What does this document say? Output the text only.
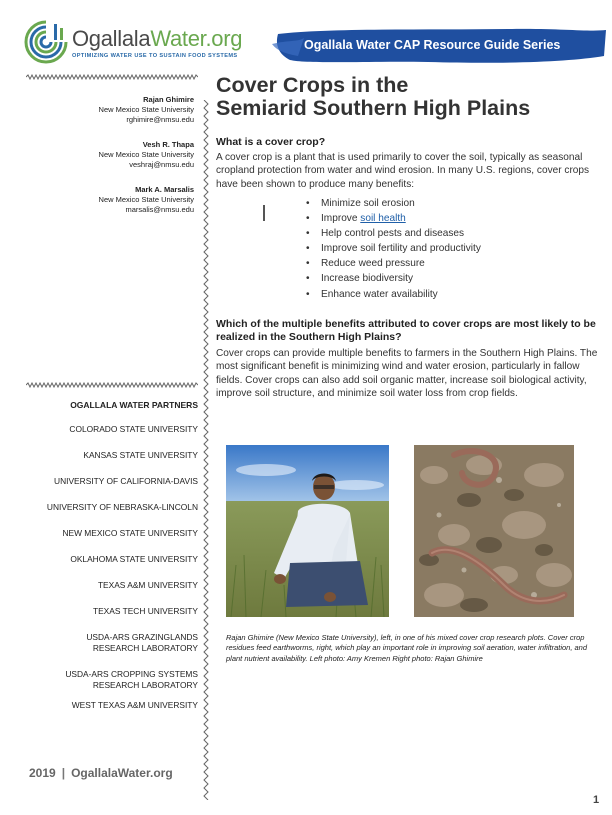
OgallalaWater.org
OPTIMIZING WATER USE TO SUSTAIN FOOD SYSTEMS
Ogallala Water CAP Resource Guide Series
Rajan Ghimire
New Mexico State University
rghimire@nmsu.edu
Vesh R. Thapa
New Mexico State University
veshraj@nmsu.edu
Mark A. Marsalis
New Mexico State University
marsalis@nmsu.edu
OGALLALA WATER PARTNERS
COLORADO STATE UNIVERSITY
KANSAS STATE UNIVERSITY
UNIVERSITY OF CALIFORNIA-DAVIS
UNIVERSITY OF NEBRASKA-LINCOLN
NEW MEXICO STATE UNIVERSITY
OKLAHOMA STATE UNIVERSITY
TEXAS A&M UNIVERSITY
TEXAS TECH UNIVERSITY
USDA-ARS GRAZINGLANDS
RESEARCH LABORATORY
USDA-ARS CROPPING SYSTEMS
RESEARCH LABORATORY
WEST TEXAS A&M UNIVERSITY
2019 | OgallalaWater.org
Cover Crops in the
Semiarid Southern High Plains
What is a cover crop?
A cover crop is a plant that is used primarily to cover the soil, typically as seasonal cropland protection from water and wind erosion. In many U.S. regions, cover crops have been shown to produce many benefits:
• Minimize soil erosion
• Improve soil health
• Help control pests and diseases
• Improve soil fertility and productivity
• Reduce weed pressure
• Increase biodiversity
• Enhance water availability
Which of the multiple benefits attributed to cover crops are most likely to be realized in the Southern High Plains?
Cover crops can provide multiple benefits to farmers in the Southern High Plains. The most significant benefit is minimizing wind and water erosion, particularly in fallow fields. Cover crops can also add soil organic matter, increase soil biological activity, improve soil structure, and minimize soil water loss from crop fields.
Rajan Ghimire (New Mexico State University), left, in one of his mixed cover crop research plots. Cover crop residues feed earthworms, right, which play an important role in improving soil aeration, water infiltration, and plant nutrient availability. Left photo: Amy Kremen Right photo: Rajan Ghimire
1
